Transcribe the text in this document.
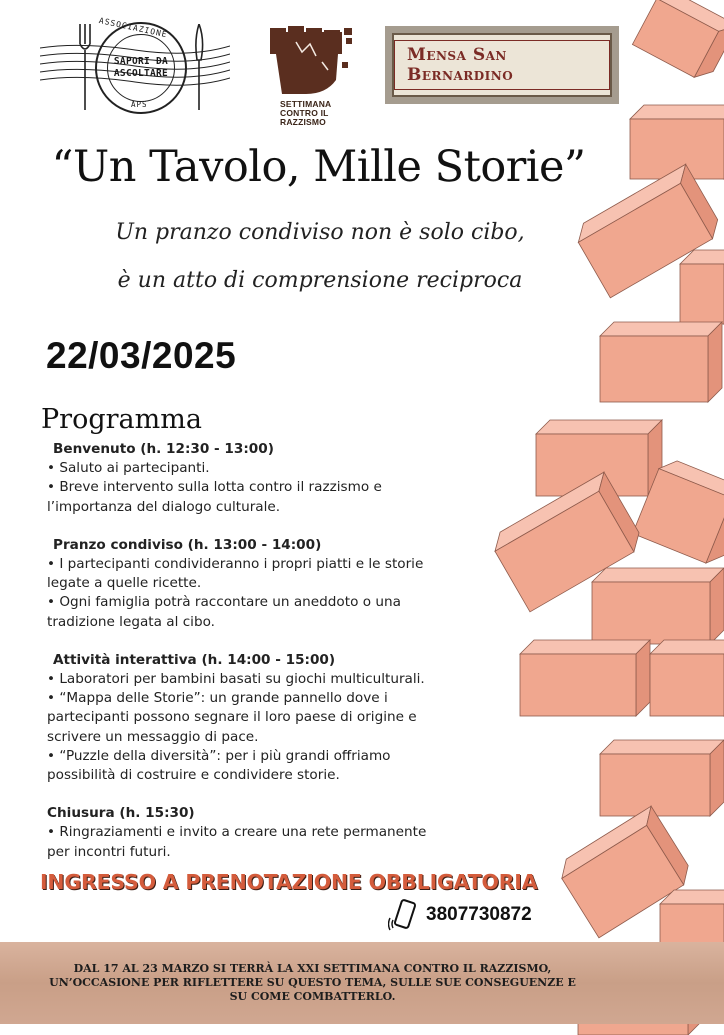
SAPORI DA
ASCOLTARE
ASSOCIAZIONE
APS	SETTIMANA
CONTRO IL
RAZZISMO
Mensa San Bernardino
“Un Tavolo, Mille Storie”
Un pranzo condiviso non è solo cibo,
è un atto di comprensione reciproca
22/03/2025
Programma
Benvenuto (h. 12:30 - 13:00)
• Saluto ai partecipanti.
• Breve intervento sulla lotta contro il razzismo e
l’importanza del dialogo culturale.
Pranzo condiviso (h. 13:00 - 14:00)
• I partecipanti condivideranno i propri piatti e le storie
legate a quelle ricette.
• Ogni famiglia potrà raccontare un aneddoto o una
tradizione legata al cibo.
Attività interattiva (h. 14:00 - 15:00)
• Laboratori per bambini basati su giochi multiculturali.
• “Mappa delle Storie”: un grande pannello dove i
partecipanti possono segnare il loro paese di origine e
scrivere un messaggio di pace.
• “Puzzle della diversità”: per i più grandi offriamo
possibilità di costruire e condividere storie.
Chiusura (h. 15:30)
• Ringraziamenti e invito a creare una rete permanente
per incontri futuri.
INGRESSO A PRENOTAZIONE OBBLIGATORIA
3807730872
DAL 17 AL 23 MARZO SI TERRÀ LA XXI SETTIMANA CONTRO IL RAZZISMO, UN’OCCASIONE PER RIFLETTERE SU QUESTO TEMA, SULLE SUE CONSEGUENZE E SU COME COMBATTERLO.
